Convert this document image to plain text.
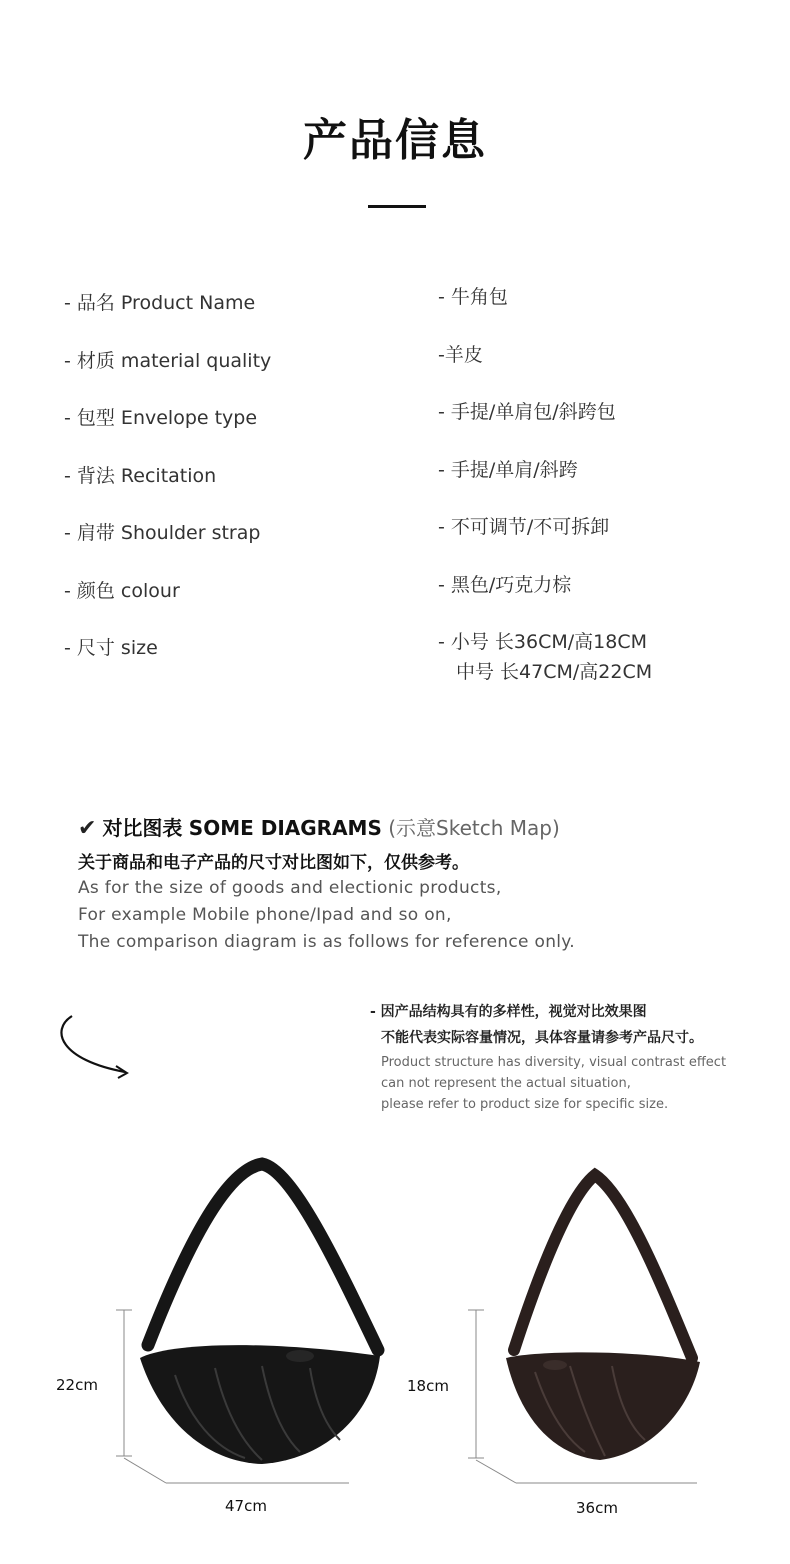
产品信息
- 品名 Product Name	- 牛角包
- 材质 material quality	-羊皮
- 包型 Envelope type	- 手提/单肩包/斜跨包
- 背法 Recitation	- 手提/单肩/斜跨
- 肩带 Shoulder strap	- 不可调节/不可拆卸
- 颜色 colour	- 黑色/巧克力棕
- 尺寸 size	- 小号 长36CM/高18CM
中号 长47CM/高22CM
✔ 对比图表 SOME DIAGRAMS (示意Sketch Map)
关于商品和电子产品的尺寸对比图如下，仅供参考。
As for the size of goods and electionic products,
For example Mobile phone/Ipad and so on,
The comparison diagram is as follows for reference only.
- 因产品结构具有的多样性，视觉对比效果图
不能代表实际容量情况，具体容量请参考产品尺寸。
Product structure has diversity, visual contrast effect
can not represent the actual situation,
please refer to product size for specific size.
22cm
47cm
18cm
36cm
